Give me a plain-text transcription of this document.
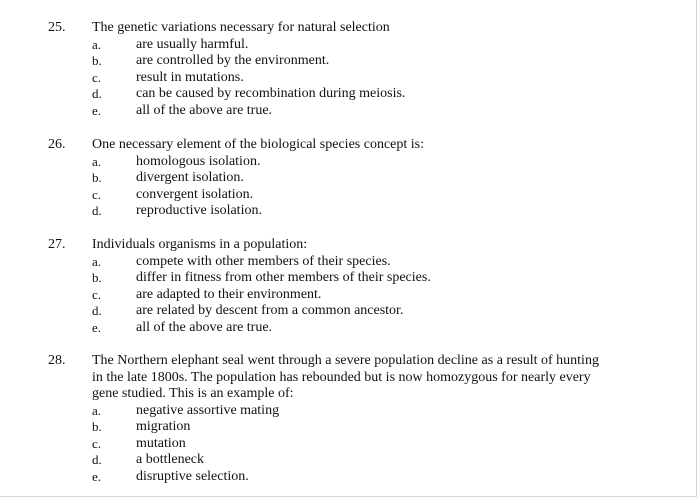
25. The genetic variations necessary for natural selection
a. are usually harmful.
b. are controlled by the environment.
c. result in mutations.
d. can be caused by recombination during meiosis.
e. all of the above are true.
26. One necessary element of the biological species concept is:
a. homologous isolation.
b. divergent isolation.
c. convergent isolation.
d. reproductive isolation.
27. Individuals organisms in a population:
a. compete with other members of their species.
b. differ in fitness from other members of their species.
c. are adapted to their environment.
d. are related by descent from a common ancestor.
e. all of the above are true.
28. The Northern elephant seal went through a severe population decline as a result of hunting in the late 1800s. The population has rebounded but is now homozygous for nearly every gene studied. This is an example of:
a. negative assortive mating
b. migration
c. mutation
d. a bottleneck
e. disruptive selection.
